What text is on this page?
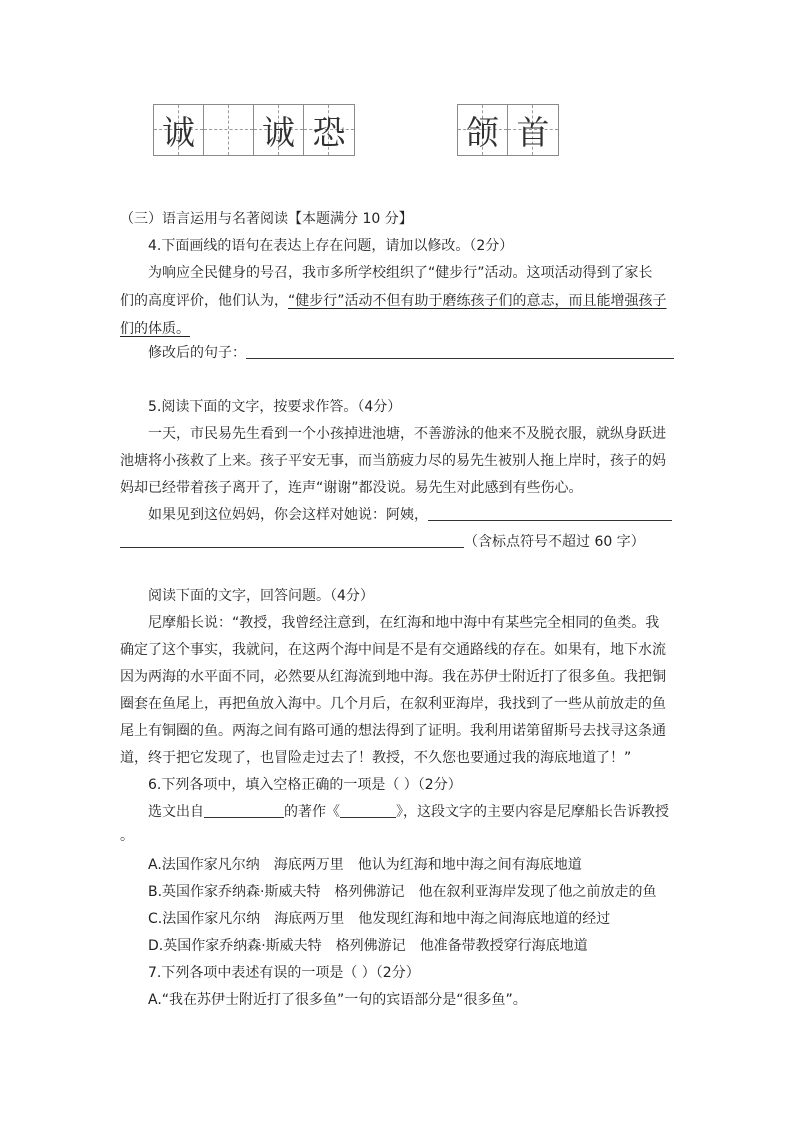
诚 诚 恐	颌 首
（三）语言运用与名著阅读【本题满分 10 分】
4.下面画线的语句在表达上存在问题，请加以修改。（2分）
为响应全民健身的号召，我市多所学校组织了“健步行”活动。这项活动得到了家长
们的高度评价，他们认为，“健步行”活动不但有助于磨练孩子们的意志，而且能增强孩子
们的体质。
修改后的句子：
5.阅读下面的文字，按要求作答。（4分）
一天，市民易先生看到一个小孩掉进池塘，不善游泳的他来不及脱衣服，就纵身跃进
池塘将小孩救了上来。孩子平安无事，而当筋疲力尽的易先生被别人拖上岸时，孩子的妈
妈却已经带着孩子离开了，连声“谢谢”都没说。易先生对此感到有些伤心。
如果见到这位妈妈，你会这样对她说：阿姨，
（含标点符号不超过 60 字）
阅读下面的文字，回答问题。（4分）
尼摩船长说：“教授，我曾经注意到，在红海和地中海中有某些完全相同的鱼类。我
确定了这个事实，我就问，在这两个海中间是不是有交通路线的存在。如果有，地下水流
因为两海的水平面不同，必然要从红海流到地中海。我在苏伊士附近打了很多鱼。我把铜
圈套在鱼尾上，再把鱼放入海中。几个月后，在叙利亚海岸，我找到了一些从前放走的鱼
尾上有铜圈的鱼。两海之间有路可通的想法得到了证明。我利用诺第留斯号去找寻这条通
道，终于把它发现了，也冒险走过去了！教授，不久您也要通过我的海底地道了！”
6.下列各项中，填入空格正确的一项是（ ）（2分）
选文出自	的著作《	》，这段文字的主要内容是尼摩船长告诉教授
。
A.法国作家凡尔纳 海底两万里 他认为红海和地中海之间有海底地道
B.英国作家乔纳森·斯威夫特 格列佛游记 他在叙利亚海岸发现了他之前放走的鱼
C.法国作家凡尔纳 海底两万里 他发现红海和地中海之间海底地道的经过
D.英国作家乔纳森·斯威夫特 格列佛游记 他准备带教授穿行海底地道
7.下列各项中表述有误的一项是（ ）（2分）
A.“我在苏伊士附近打了很多鱼”一句的宾语部分是“很多鱼”。
